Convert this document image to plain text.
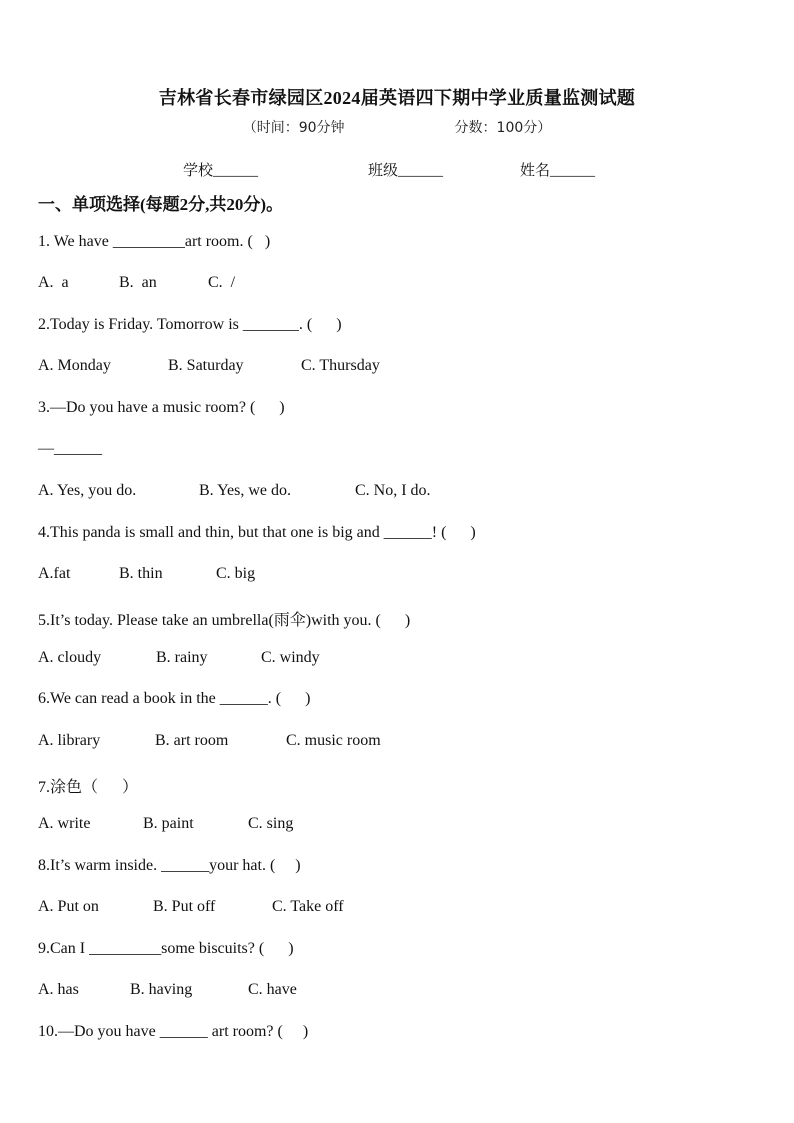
吉林省长春市绿园区2024届英语四下期中学业质量监测试题
（时间：90分钟	分数：100分）
学校______	班级______	姓名______
一、单项选择(每题2分,共20分)。
1. We have _________art room. (   )
A.  a	B.  an	C.  /
2.Today is Friday. Tomorrow is _______. (      )
A. Monday	B. Saturday	C. Thursday
3.—Do you have a music room? (      )
—______
A. Yes, you do.	B. Yes, we do.	C. No, I do.
4.This panda is small and thin, but that one is big and ______! (      )
A.fat	B. thin	C. big
5.It’s today. Please take an umbrella(雨伞)with you. (      )
A. cloudy	B. rainy	C. windy
6.We can read a book in the ______. (      )
A. library	B. art room	C. music room
7.涂色（      ）
A. write	B. paint	C. sing
8.It’s warm inside. ______your hat. (     )
A. Put on	B. Put off	C. Take off
9.Can I _________some biscuits? (      )
A. has	B. having	C. have
10.—Do you have ______ art room? (     )
